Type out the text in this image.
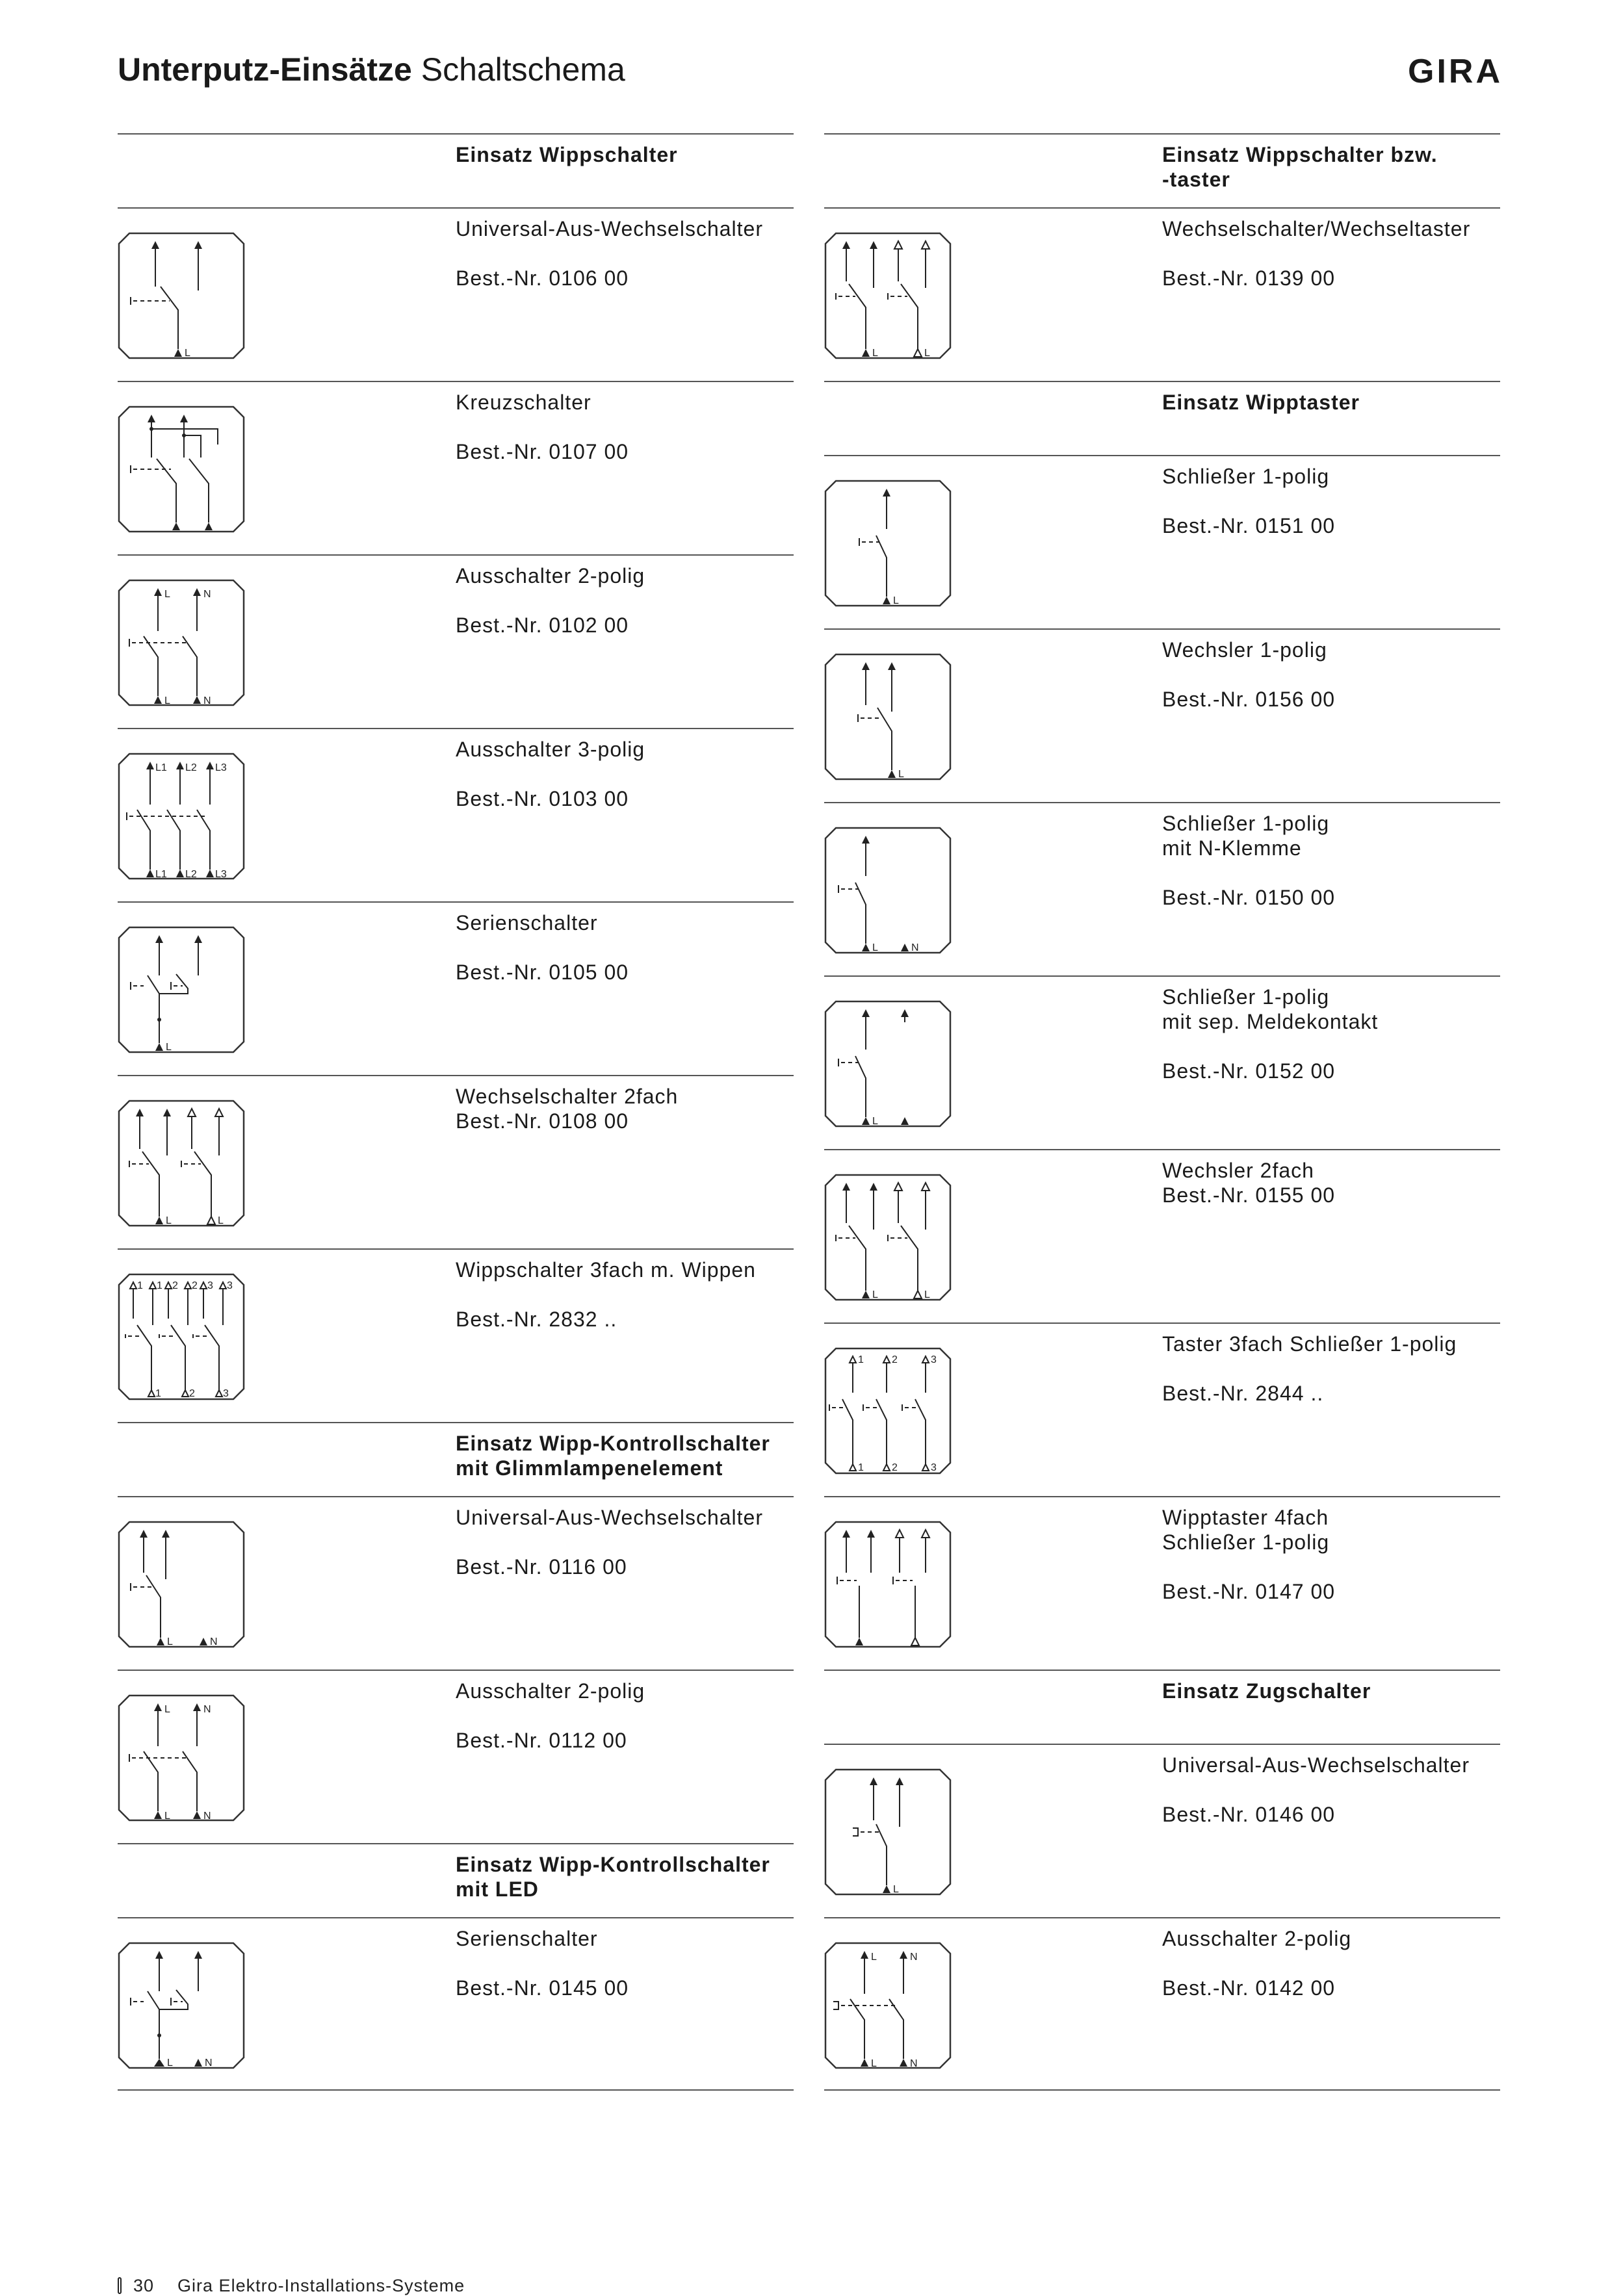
Unterputz-Einsätze Schaltschema	GIRA
Einsatz Wippschalter
L
Universal-Aus-Wechselschalter
Best.-Nr. 0106 00
Kreuzschalter
Best.-Nr. 0107 00
L	N
L	N
Ausschalter 2-polig
Best.-Nr. 0102 00
L1 L2 L3
L1 L2 L3
Ausschalter 3-polig
Best.-Nr. 0103 00
L
Serienschalter
Best.-Nr. 0105 00
L	L
Wechselschalter 2fach
Best.-Nr. 0108 00
1 1 2 2 3 3
1	2	3
Wippschalter 3fach m. Wippen
Best.-Nr. 2832 ..
Einsatz Wipp-Kontrollschalter
mit Glimmlampenelement
L	N
Universal-Aus-Wechselschalter
Best.-Nr. 0116 00
L	N
L	N
Ausschalter 2-polig
Best.-Nr. 0112 00
Einsatz Wipp-Kontrollschalter
mit LED
L	N
Serienschalter
Best.-Nr. 0145 00
Einsatz Wippschalter bzw.
-taster
L	L
Wechselschalter/Wechseltaster
Best.-Nr. 0139 00
Einsatz Wipptaster
L
Schließer 1-polig
Best.-Nr. 0151 00
L
Wechsler 1-polig
Best.-Nr. 0156 00
L	N
Schließer 1-polig
mit N-Klemme
Best.-Nr. 0150 00
L
Schließer 1-polig
mit sep. Meldekontakt
Best.-Nr. 0152 00
L	L
Wechsler 2fach
Best.-Nr. 0155 00
1	2	3
1	2	3
Taster 3fach Schließer 1-polig
Best.-Nr. 2844 ..
Wipptaster 4fach
Schließer 1-polig
Best.-Nr. 0147 00
Einsatz Zugschalter
L
Universal-Aus-Wechselschalter
Best.-Nr. 0146 00
L	N
L	N
Ausschalter 2-polig
Best.-Nr. 0142 00
30 Gira Elektro-Installations-Systeme
